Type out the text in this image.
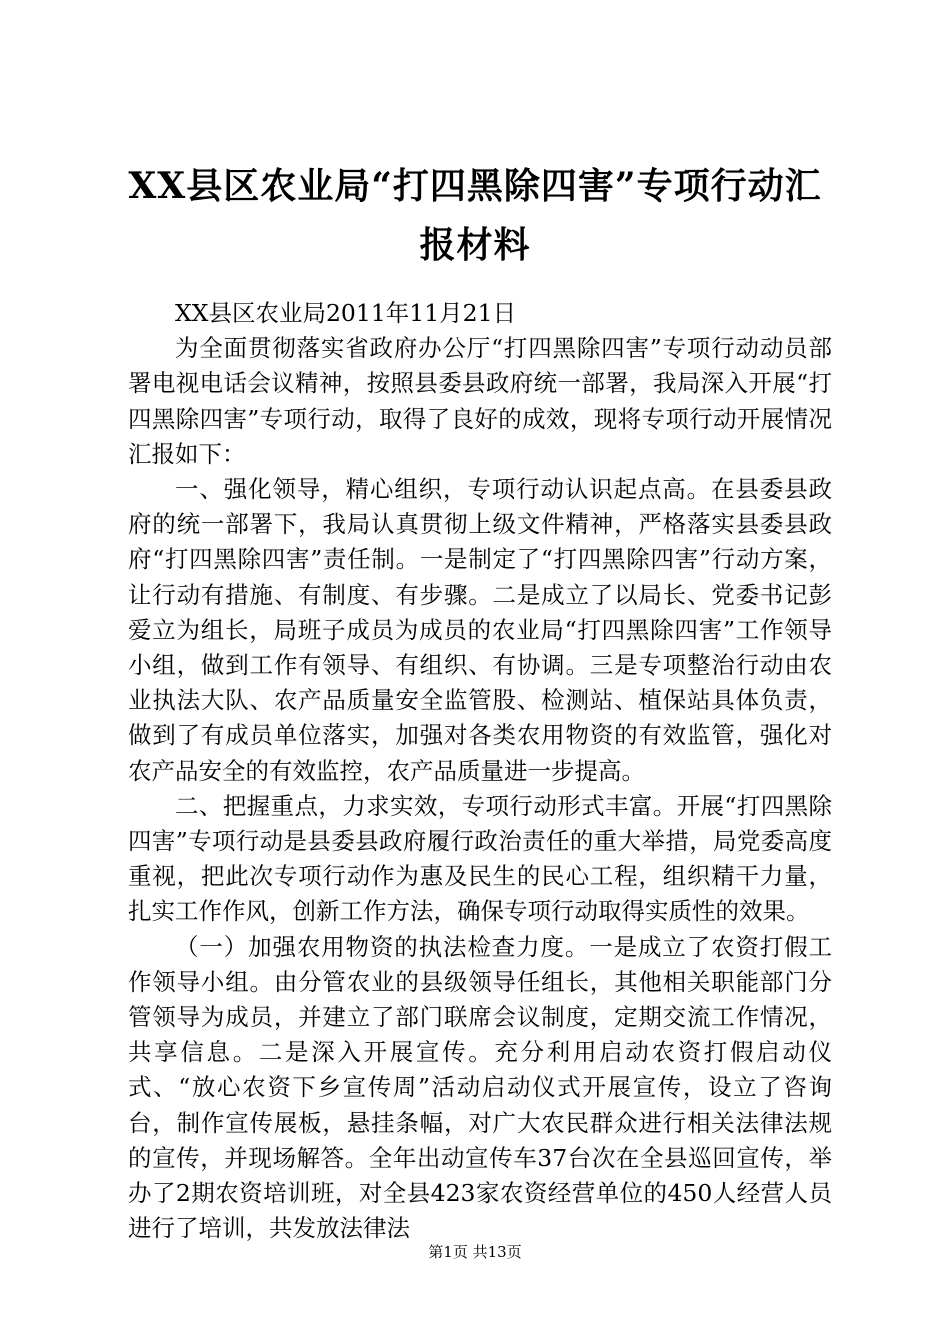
XX县区农业局“打四黑除四害”专项行动汇报材料

XX县区农业局2011年11月21日

为全面贯彻落实省政府办公厅“打四黑除四害”专项行动动员部署电视电话会议精神，按照县委县政府统一部署，我局深入开展“打四黑除四害”专项行动，取得了良好的成效，现将专项行动开展情况汇报如下：

一、强化领导，精心组织，专项行动认识起点高。在县委县政府的统一部署下，我局认真贯彻上级文件精神，严格落实县委县政府“打四黑除四害”责任制。一是制定了“打四黑除四害”行动方案，让行动有措施、有制度、有步骤。二是成立了以局长、党委书记彭爱立为组长，局班子成员为成员的农业局“打四黑除四害”工作领导小组，做到工作有领导、有组织、有协调。三是专项整治行动由农业执法大队、农产品质量安全监管股、检测站、植保站具体负责，做到了有成员单位落实，加强对各类农用物资的有效监管，强化对农产品安全的有效监控，农产品质量进一步提高。

二、把握重点，力求实效，专项行动形式丰富。开展“打四黑除四害”专项行动是县委县政府履行政治责任的重大举措，局党委高度重视，把此次专项行动作为惠及民生的民心工程，组织精干力量，扎实工作作风，创新工作方法，确保专项行动取得实质性的效果。

（一）加强农用物资的执法检查力度。一是成立了农资打假工作领导小组。由分管农业的县级领导任组长，其他相关职能部门分管领导为成员，并建立了部门联席会议制度，定期交流工作情况，共享信息。二是深入开展宣传。充分利用启动农资打假启动仪式、“放心农资下乡宣传周”活动启动仪式开展宣传，设立了咨询台，制作宣传展板，悬挂条幅，对广大农民群众进行相关法律法规的宣传，并现场解答。全年出动宣传车37台次在全县巡回宣传，举办了2期农资培训班，对全县423家农资经营单位的450人经营人员进行了培训，共发放法律法

第1页 共13页
